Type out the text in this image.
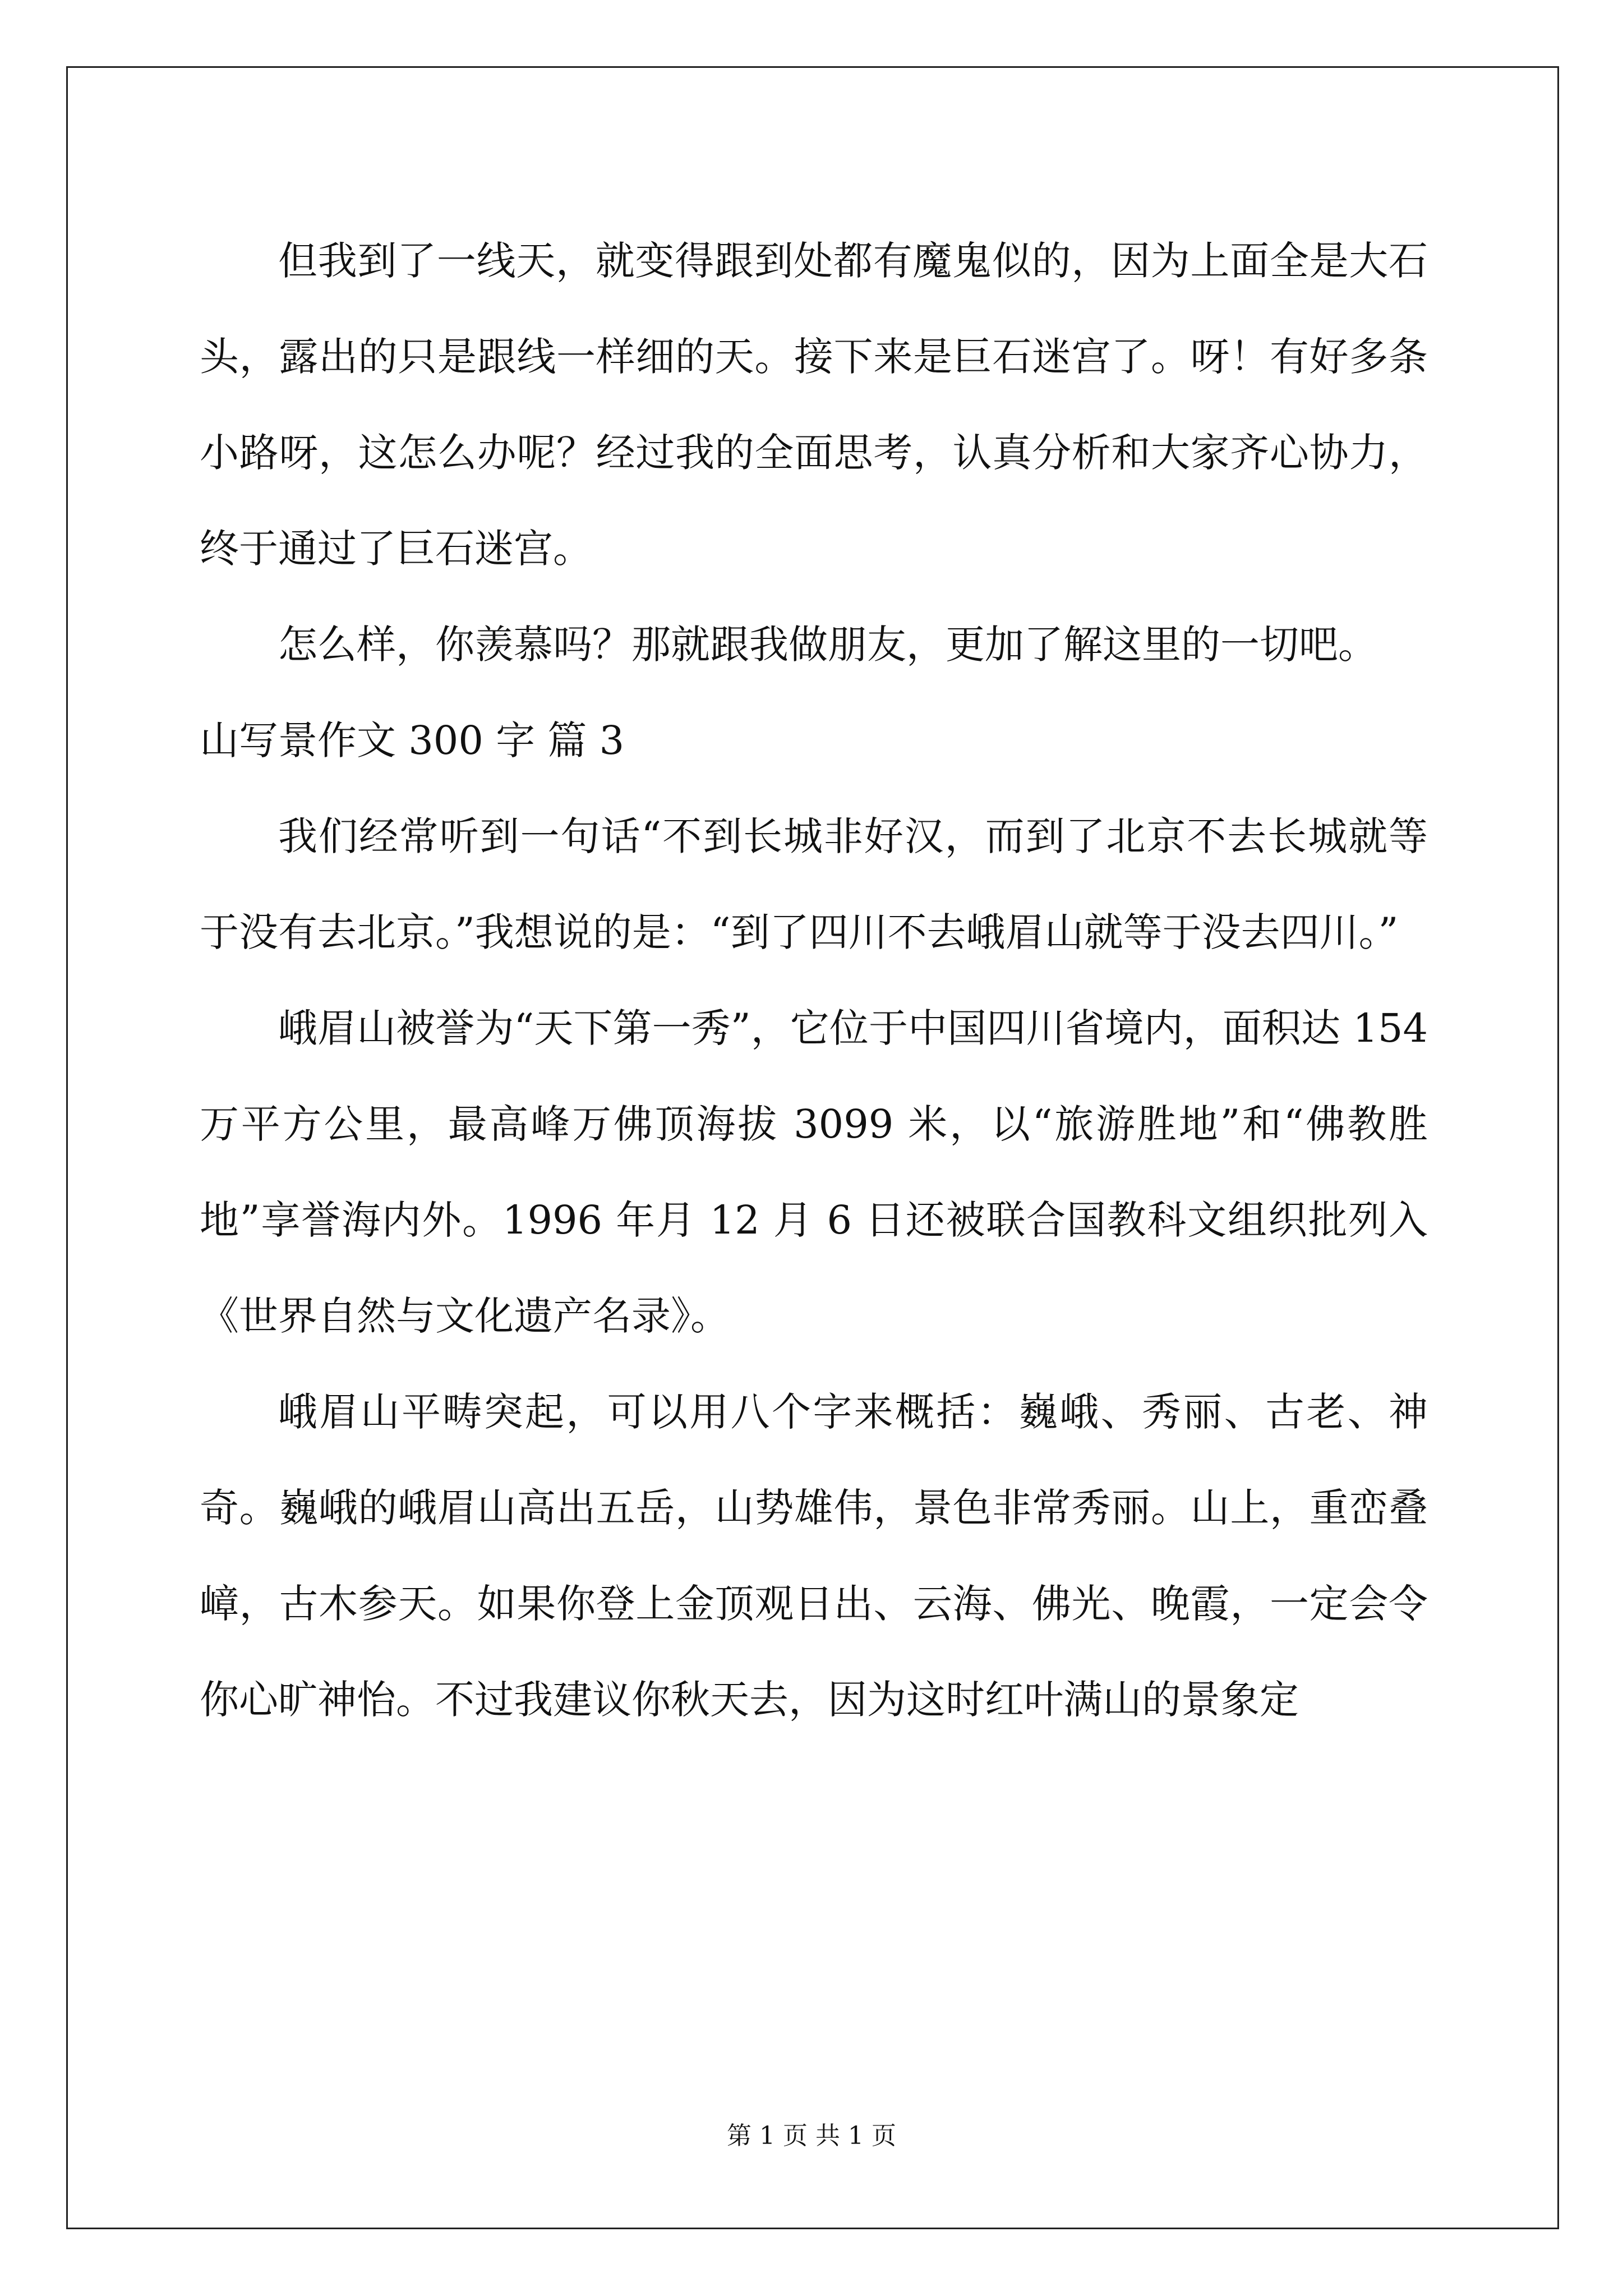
但我到了一线天，就变得跟到处都有魔鬼似的，因为上面全是大石头，露出的只是跟线一样细的天。接下来是巨石迷宫了。呀！有好多条小路呀，这怎么办呢？经过我的全面思考，认真分析和大家齐心协力，终于通过了巨石迷宫。

怎么样，你羡慕吗？那就跟我做朋友，更加了解这里的一切吧。

山写景作文 300 字 篇 3

我们经常听到一句话“不到长城非好汉，而到了北京不去长城就等于没有去北京。”我想说的是：“到了四川不去峨眉山就等于没去四川。”

峨眉山被誉为“天下第一秀”，它位于中国四川省境内，面积达 154 万平方公里，最高峰万佛顶海拔 3099 米，以“旅游胜地”和“佛教胜地”享誉海内外。1996 年月 12 月 6 日还被联合国教科文组织批列入《世界自然与文化遗产名录》。

峨眉山平畴突起，可以用八个字来概括：巍峨、秀丽、古老、神奇。巍峨的峨眉山高出五岳，山势雄伟，景色非常秀丽。山上，重峦叠嶂，古木参天。如果你登上金顶观日出、云海、佛光、晚霞，一定会令你心旷神怡。不过我建议你秋天去，因为这时红叶满山的景象定

第 1 页 共 1 页
